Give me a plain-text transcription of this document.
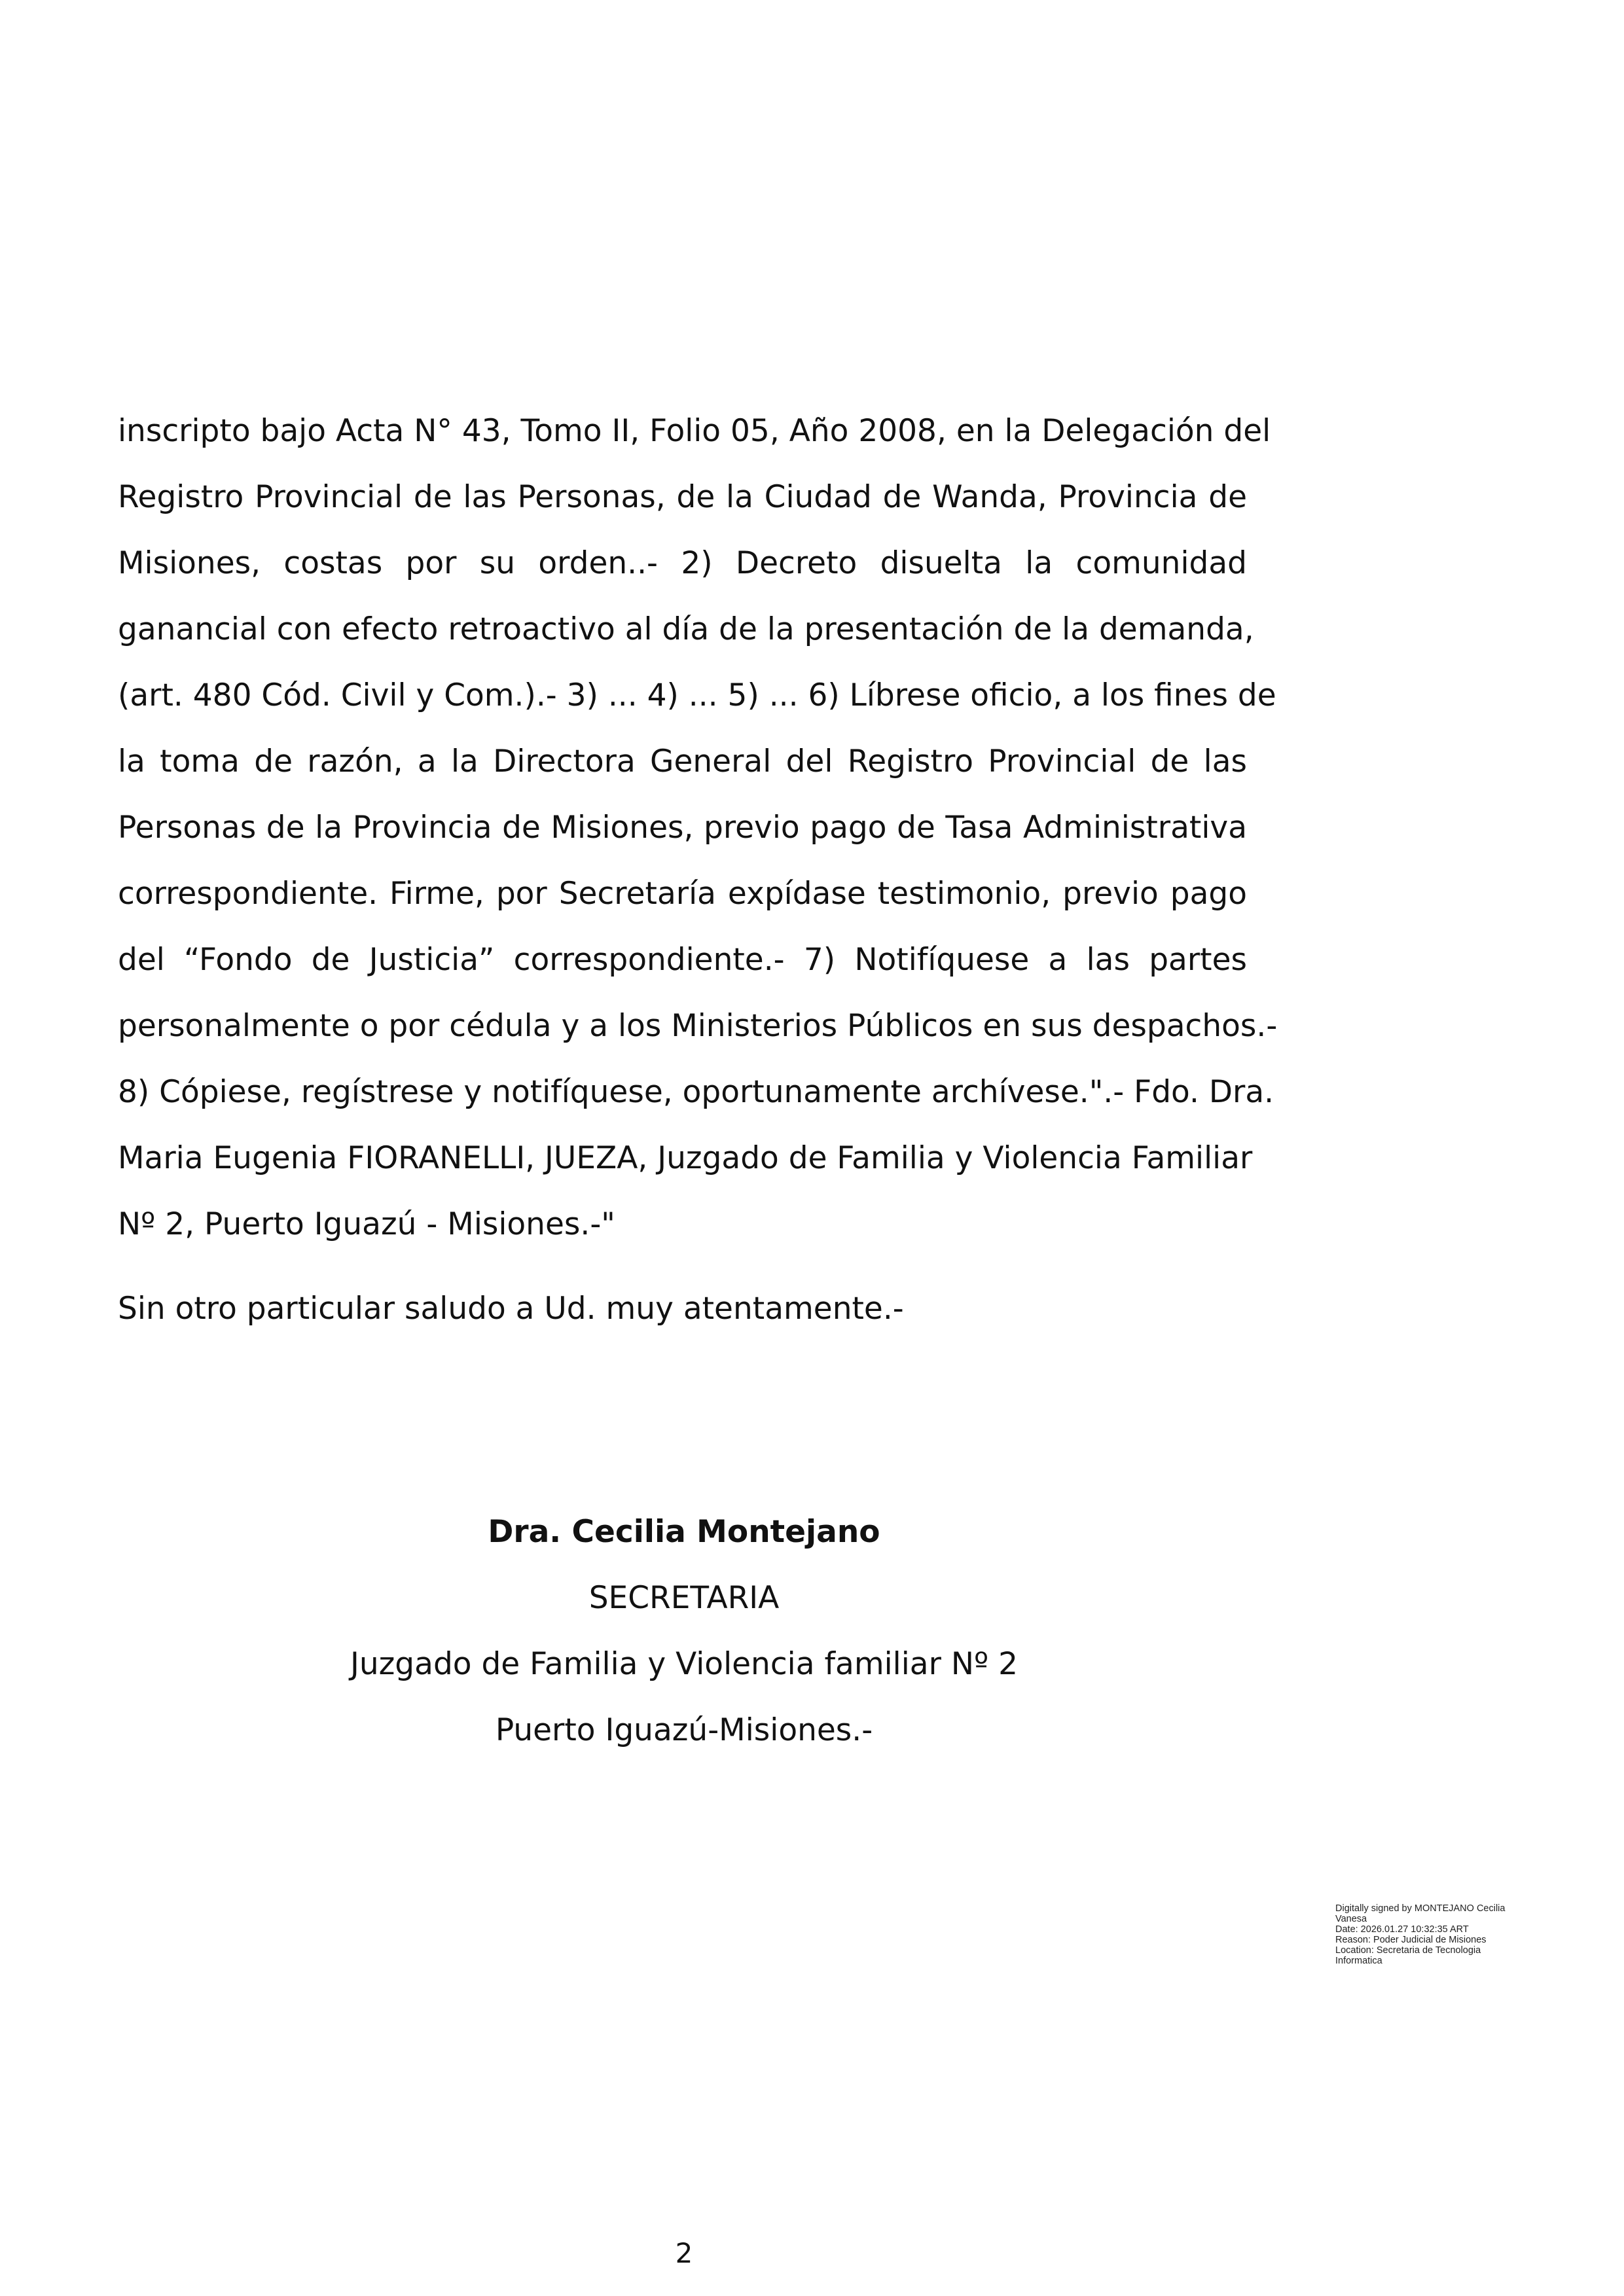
inscripto bajo Acta N° 43, Tomo II, Folio 05, Año 2008, en la Delegación del
Registro Provincial de las Personas, de la Ciudad de Wanda, Provincia de
Misiones, costas por su orden..- 2) Decreto disuelta la comunidad
ganancial con efecto retroactivo al día de la presentación de la demanda,
(art. 480 Cód. Civil y Com.).- 3) ... 4) ... 5) ... 6) Líbrese oficio, a los fines de
la toma de razón, a la Directora General del Registro Provincial de las
Personas de la Provincia de Misiones, previo pago de Tasa Administrativa
correspondiente. Firme, por Secretaría expídase testimonio, previo pago
del “Fondo de Justicia” correspondiente.- 7) Notifíquese a las partes
personalmente o por cédula y a los Ministerios Públicos en sus despachos.-
8) Cópiese, regístrese y notifíquese, oportunamente archívese.".- Fdo. Dra.
Maria Eugenia FIORANELLI, JUEZA, Juzgado de Familia y Violencia Familiar
Nº 2, Puerto Iguazú - Misiones.-"

Sin otro particular saludo a Ud. muy atentamente.-

Dra. Cecilia Montejano
SECRETARIA
Juzgado de Familia y Violencia familiar Nº 2
Puerto Iguazú-Misiones.-
Digitally signed by MONTEJANO Cecilia
Vanesa
Date: 2026.01.27 10:32:35 ART
Reason: Poder Judicial de Misiones
Location: Secretaria de Tecnologia
Informatica
2
